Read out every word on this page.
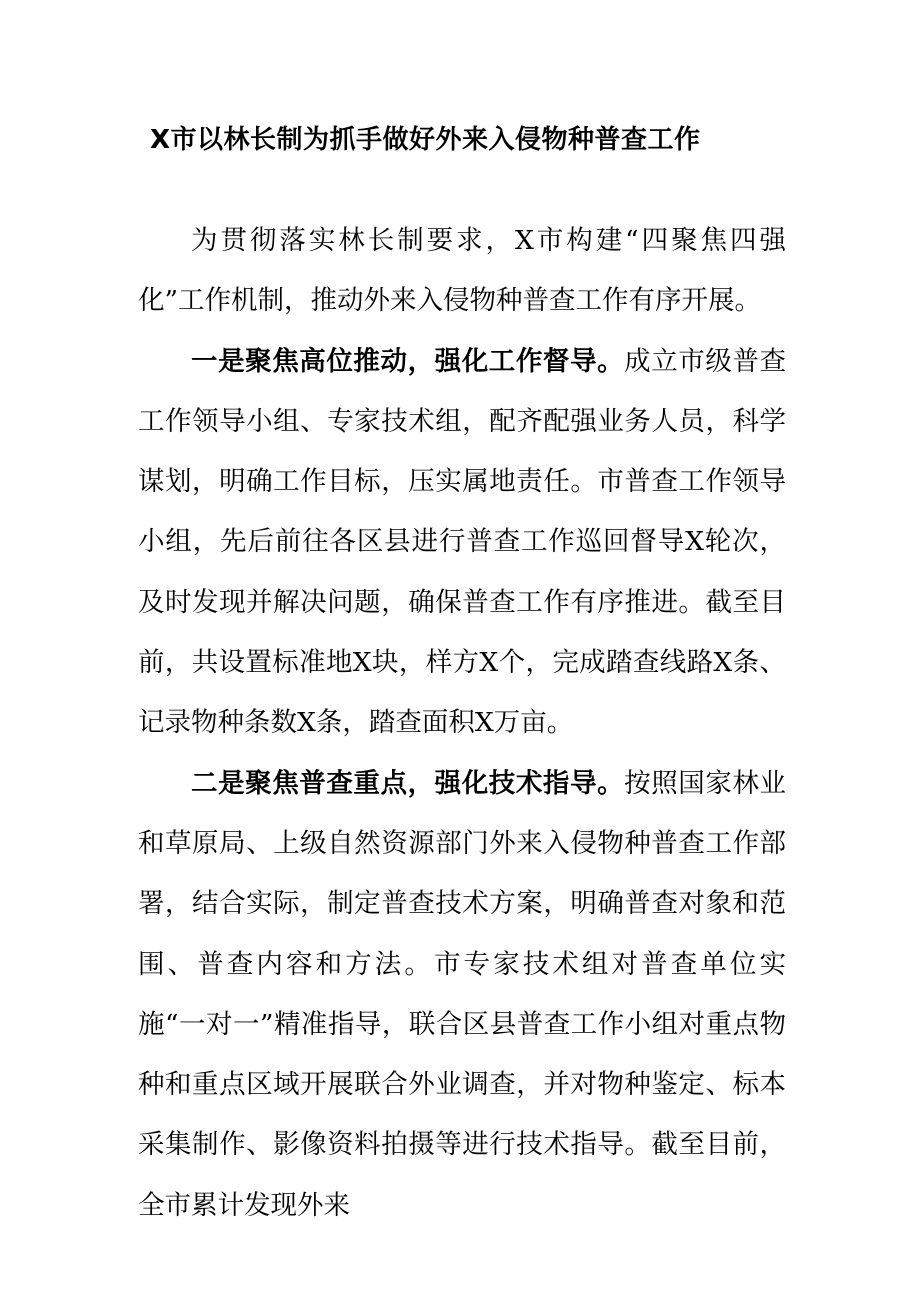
X市以林长制为抓手做好外来入侵物种普查工作

为贯彻落实林长制要求，X市构建“四聚焦四强化”工作机制，推动外来入侵物种普查工作有序开展。

一是聚焦高位推动，强化工作督导。成立市级普查工作领导小组、专家技术组，配齐配强业务人员，科学谋划，明确工作目标，压实属地责任。市普查工作领导小组，先后前往各区县进行普查工作巡回督导X轮次，及时发现并解决问题，确保普查工作有序推进。截至目前，共设置标准地X块，样方X个，完成踏查线路X条、记录物种条数X条，踏查面积X万亩。

二是聚焦普查重点，强化技术指导。按照国家林业和草原局、上级自然资源部门外来入侵物种普查工作部署，结合实际，制定普查技术方案，明确普查对象和范围、普查内容和方法。市专家技术组对普查单位实施“一对一”精准指导，联合区县普查工作小组对重点物种和重点区域开展联合外业调查，并对物种鉴定、标本采集制作、影像资料拍摄等进行技术指导。截至目前，全市累计发现外来
